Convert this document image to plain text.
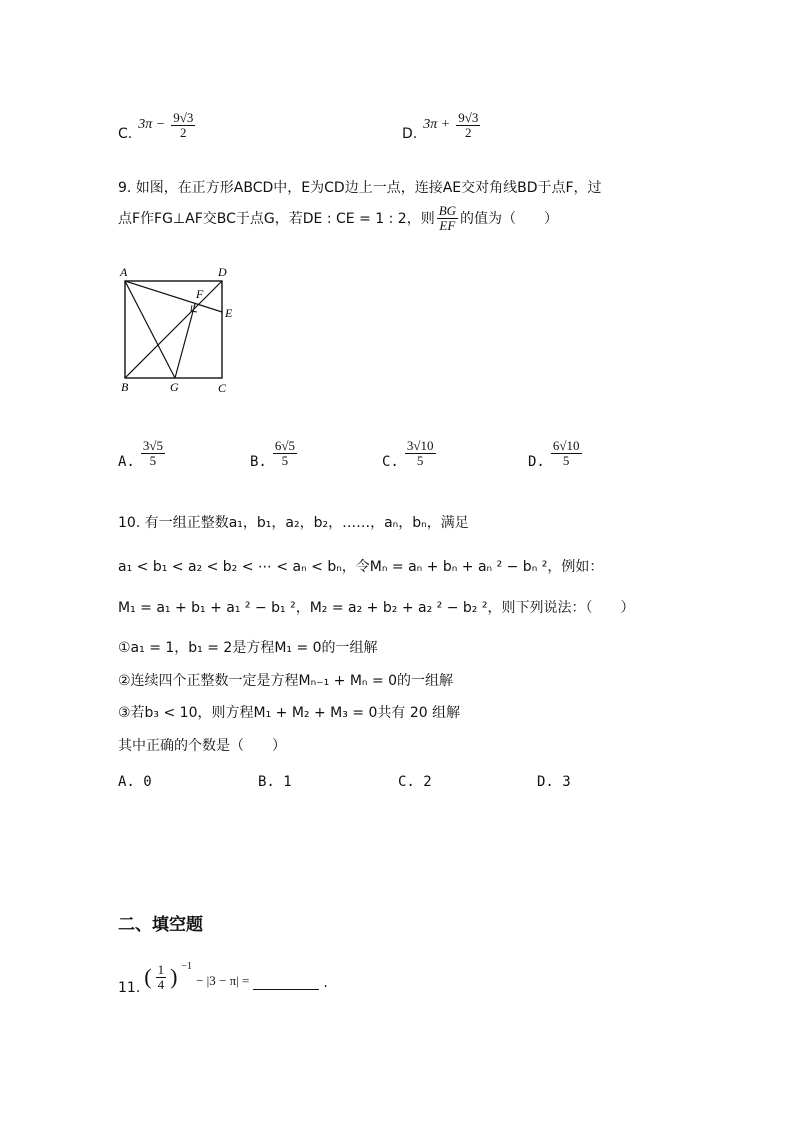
C.
$3\pi - \frac{9√3}{2}$	D.
$3\pi + \frac{9√3}{2}$
9. 如图，在正方形ABCD中，E为CD边上一点，连接AE交对角线BD于点F，过
点F作FG⊥AF交BC于点G，若DE : CE = 1 : 2，则 $\frac{BG}{EF}$ 的值为（　　）
A	D
F
E
B	G	C
A. $\frac{3√5}{5}$	B. $\frac{6√5}{5}$	C. $\frac{3√10}{5}$	D. $\frac{6√10}{5}$
10. 有一组正整数a₁，b₁，a₂，b₂，……，aₙ，bₙ，满足
a₁ < b₁ < a₂ < b₂ < ⋯ < aₙ < bₙ，令Mₙ = aₙ + bₙ + aₙ ² − bₙ ²，例如：
M₁ = a₁ + b₁ + a₁ ² − b₁ ²，M₂ = a₂ + b₂ + a₂ ² − b₂ ²，则下列说法：（　　）
①a₁ = 1，b₁ = 2是方程M₁ = 0的一组解
②连续四个正整数一定是方程Mₙ₋₁ + Mₙ = 0的一组解
③若b₃ < 10，则方程M₁ + M₂ + M₃ = 0共有 20 组解
其中正确的个数是（　　）
A. 0	B. 1	C. 2	D. 3
二、填空题
11. ( $\frac{1}{4}$ ) −1
− |3 − π| =	.
